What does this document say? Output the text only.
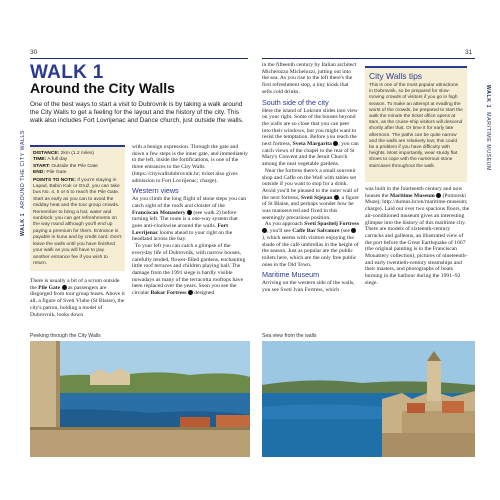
30	31
WALK 1  AROUND THE CITY WALLS
WALK 1  MARITIME MUSEUM
WALK 1
Around the City Walls
One of the best ways to start a visit to Dubrovnik is by taking a walk around the City Walls to get a feeling for the layout and the history of the city. This walk also includes Fort Lovrijenac and Dance church, just outside the walls.
DISTANCE: 2km (1.2 miles)
TIME: A full day
START: Outside the Pile Gate
END: Pile Gate
POINTS TO NOTE: If you're staying in Lapad, Babin Kuk or Gruž, you can take bus No. 4, 5 or 6 to reach the Pile Gate. Start as early as you can to avoid the midday heat and the tour group crowds. Remember to bring a hat, water and sunblock: you can get refreshments on the way round although you'll end up paying a premium for them. Entrance is payable in kuna and by credit card. Don't leave the walls until you have finished your walk as you will have to pay another entrance fee if you wish to return.
There is usually a bit of a scrum outside the Pile Gate  as passengers are disgorged from tour group buses. Above it all, a figure of Sveti Vlaho (St Blaise), the city's patron, holding a model of Dubrovnik, looks down
with a benign expression. Through the gate and down a few steps is the inner gate, and immediately to the left, inside the fortifications, is one of the three entrances to the City Walls (https://citywallsdubrovnik.hr; ticket also gives admission to Fort Lovrijenac; charge).
Western views
As you climb the long flight of stone steps you can catch sight of the roofs and cloister of the Franciscan Monastery  (see walk 2) before turning left. The route is a one-way system that goes anti-clockwise around the walls. Fort Lovrijenac looms ahead to your right on the headland across the bay.
To your left you can catch a glimpse of the everyday life of Dubrovnik, with narrow houses, carefully tended, flower-filled gardens, enchanting little roof terraces and children playing ball. The damage from the 1991 siege is hardly visible nowadays as many of the terracotta rooftops have been replaced over the years. Soon you see the circular Bokar Fortress  designed
in the fifteenth century by Italian architect Michelozzo Michelozzi, jutting out into the sea. As you rise to the left there's the first refreshment stop, a tiny kiosk that sells cold drinks.
South side of the city
Here the island of Lokrum slides into view on your right. Some of the houses beyond the walls are so close that you can peer into their windows, but you might want to resist the temptation. Before you reach the next fortress, Sveta Margarita , you can catch views of the chapel to the rear of St Mary's Convent and the Jesuit Church among the neat vegetable gardens.
Near the fortress there's a small souvenir shop and Caffe on the Wall with tables set outside if you want to stop for a drink. Avoid you'll be pleased to the outer wall of the next fortress, Sveti Stjepan , a figure of St Blaise, and perhaps wonder how he was manoeuvred and fixed in this seemingly precarious position.
As you approach Sveti Spasitelj Fortress , you'll see Caffe Bar Salvatore (see ), which seems with visitors enjoying the shade of the café umbrellas in the height of the season. Just as popular are the public toilets here, which are the only free public ones in the Old Town.
Maritime Museum
Arriving on the western side of the walls, you see Sveti Ivan Fortress, which
City Walls tips
This is one of the most popular attractions in Dubrovnik, so be prepared for slow-moving crowds of visitors if you go in high season. To make an attempt at evading the worst of the crowds, be prepared to start the walk the minute the ticket office opens at 8am, as the cruise-ship visitors will descend shortly after that. Or time it for early late afternoon. The paths can be quite narrow and the walls are relatively low; this could be a problem if you have difficulty with heights. Most importantly, wear sturdy flat shoes to cope with the numerous stone staircases throughout the walk.
was built in the fourteenth century and now houses the Maritime Museum  (Pomorski Muzej; http://dumus.hr/en/maritime-museum; charge). Laid out over two spacious floors, the air-conditioned museum gives an interesting glimpse into the history of this maritime city. There are models of sixteenth-century carracks and galleons, an illustrated view of the port before the Great Earthquake of 1667 (the original painting is in the Franciscan Monastery collection), pictures of nineteenth- and early twentieth-century steamships and their masters, and photographs of boats burning in the harbour during the 1991–92 siege.
Peeking through the City Walls	Sea view from the walls
